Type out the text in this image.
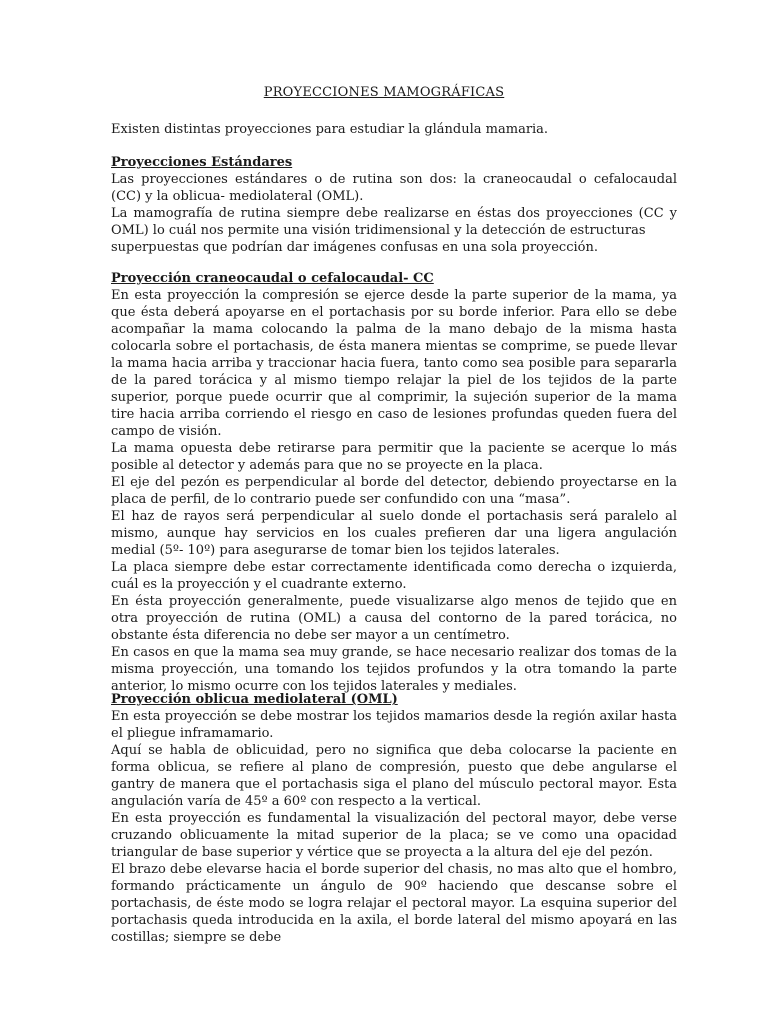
PROYECCIONES MAMOGRÁFICAS

Existen distintas proyecciones para estudiar la glándula mamaria.

Proyecciones Estándares

Las proyecciones estándares o de rutina son dos: la craneocaudal o cefalocaudal (CC) y la oblicua- mediolateral (OML).

La mamografía de rutina siempre debe realizarse en éstas dos proyecciones (CC y OML) lo cuál nos permite una visión tridimensional y la detección de estructuras

superpuestas que podrían dar imágenes confusas en una sola proyección.

Proyección craneocaudal o cefalocaudal- CC

En esta proyección la compresión se ejerce desde la parte superior de la mama, ya que ésta deberá apoyarse en el portachasis por su borde inferior. Para ello se debe acompañar la mama colocando la palma de la mano debajo de la misma hasta colocarla sobre el portachasis, de ésta manera mientas se comprime, se puede llevar la mama hacia arriba y traccionar hacia fuera, tanto como sea posible para separarla de la pared torácica y al mismo tiempo relajar la piel de los tejidos de la parte superior, porque puede ocurrir que al comprimir, la sujeción superior de la mama tire hacia arriba corriendo el riesgo en caso de lesiones profundas queden fuera del campo de visión.

La mama opuesta debe retirarse para permitir que la paciente se acerque lo más posible al detector y además para que no se proyecte en la placa.

El eje del pezón es perpendicular al borde del detector, debiendo proyectarse en la placa de perfil, de lo contrario puede ser confundido con una “masa”.

El haz de rayos será perpendicular al suelo donde el portachasis será paralelo al mismo, aunque hay servicios en los cuales prefieren dar una ligera angulación medial (5º- 10º) para asegurarse de tomar bien los tejidos laterales.

La placa siempre debe estar correctamente identificada como derecha o izquierda, cuál es la proyección y el cuadrante externo.

En ésta proyección generalmente, puede visualizarse algo menos de tejido que en otra proyección de rutina (OML) a causa del contorno de la pared torácica, no obstante ésta diferencia no debe ser mayor a un centímetro.

En casos en que la mama sea muy grande, se hace necesario realizar dos tomas de la misma proyección, una tomando los tejidos profundos y la otra tomando la parte anterior, lo mismo ocurre con los tejidos laterales y mediales.

Proyección oblicua mediolateral (OML)

En esta proyección se debe mostrar los tejidos mamarios desde la región axilar hasta el pliegue inframamario.

Aquí se habla de oblicuidad, pero no significa que deba colocarse la paciente en forma oblicua, se refiere al plano de compresión, puesto que debe angularse el gantry de manera que el portachasis siga el plano del músculo pectoral mayor. Esta angulación varía de 45º a 60º con respecto a la vertical.

En esta proyección es fundamental la visualización del pectoral mayor, debe verse cruzando oblicuamente la mitad superior de la placa; se ve como una opacidad triangular de base superior y vértice que se proyecta a la altura del eje del pezón.

El brazo debe elevarse hacia el borde superior del chasis, no mas alto que el hombro, formando prácticamente un ángulo de 90º haciendo que descanse sobre el portachasis, de éste modo se logra relajar el pectoral mayor. La esquina superior del portachasis queda introducida en la axila, el borde lateral del mismo apoyará en las costillas; siempre se debe
